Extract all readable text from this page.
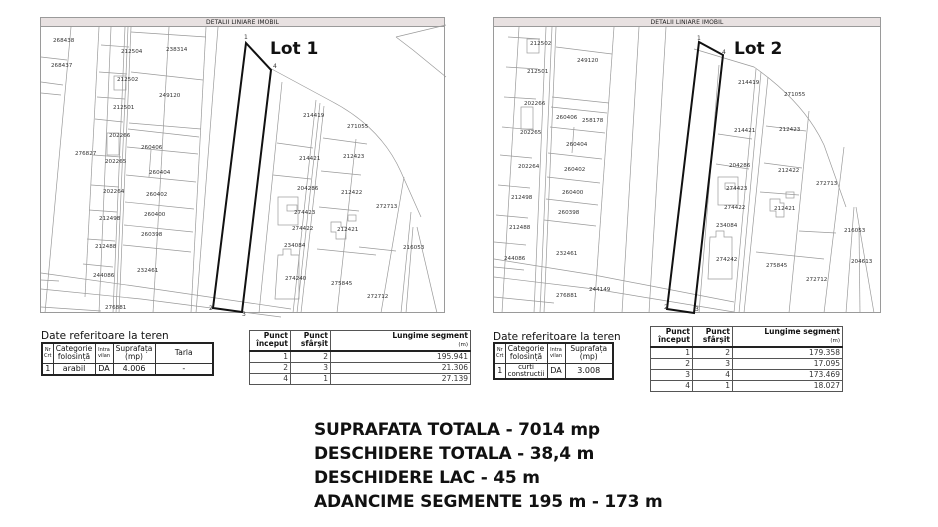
DETALII LINIARE IMOBIL
1
2
3
4
Lot 1
268438
268437
212504	238314
212502
249120
212501
214419
271055
202266
260406
276827
202265	214421	212423
260404
202264	260402
204286
212422
272713
212498
260400	274423
260398
274422	212421
212488	234084	216053
232461
244086	274240
275845
272712
276881
DETALII LINIARE IMOBIL
1
2	3
4 Lot 2
212502
249120
212501
214419
271055
202266
260406 258178
202265	214421	212423
260404
202264	260402
204286
212422
272713
212498
260400
274423
260398
274422	212421
212488	234084
216053
232461
244086	274242	204613
275845
272712
244149
276881
Date referitoare la teren
Nr Crt	Categorie folosință	Intra vilan	Suprafața (mp)	Tarla
1	arabil	DA	4.006	-
Punct început	Punct sfârșit	Lungime segment
(m)
1	2	195.941
2	3	21.306
4	1	27.139
Date referitoare la teren
Nr Crt	Categorie folosință	Intra vilan	Suprafața (mp)
1	curti constructii	DA	3.008
Punct început	Punct sfârșit	Lungime segment
(m)
1	2	179.358
2	3	17.095
3	4	173.469
4	1	18.027
SUPRAFATA TOTALA - 7014 mp
DESCHIDERE TOTALA - 38,4 m
DESCHIDERE LAC - 45 m
ADANCIME SEGMENTE 195 m - 173 m
